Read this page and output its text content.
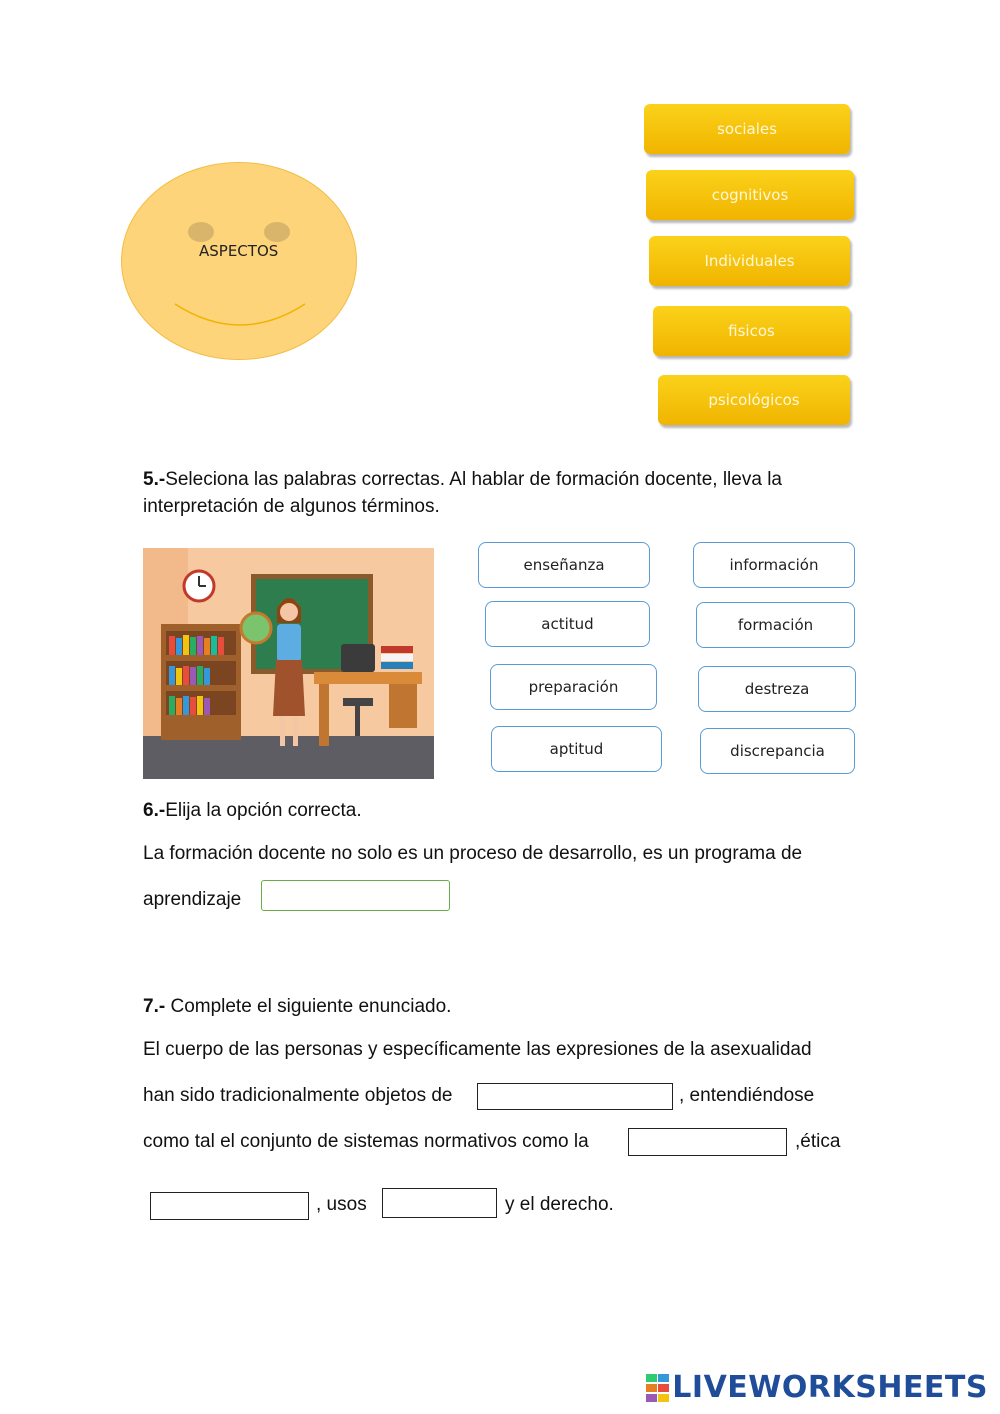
ASPECTOS
sociales
cognitivos
Individuales
fisicos
psicológicos
5.-Seleciona las palabras correctas. Al hablar de formación docente, lleva la interpretación de algunos términos.
enseñanza	información
actitud	formación
preparación	destreza
aptitud	discrepancia
6.-Elija la opción correcta.
La formación docente no solo es un proceso de desarrollo, es un programa de
aprendizaje
7.- Complete el siguiente enunciado.
El cuerpo de las personas y específicamente las expresiones de la asexualidad
han sido tradicionalmente objetos de	, entendiéndose
como tal el conjunto de sistemas normativos como la	,ética
, usos	y el derecho.
LIVEWORKSHEETS
